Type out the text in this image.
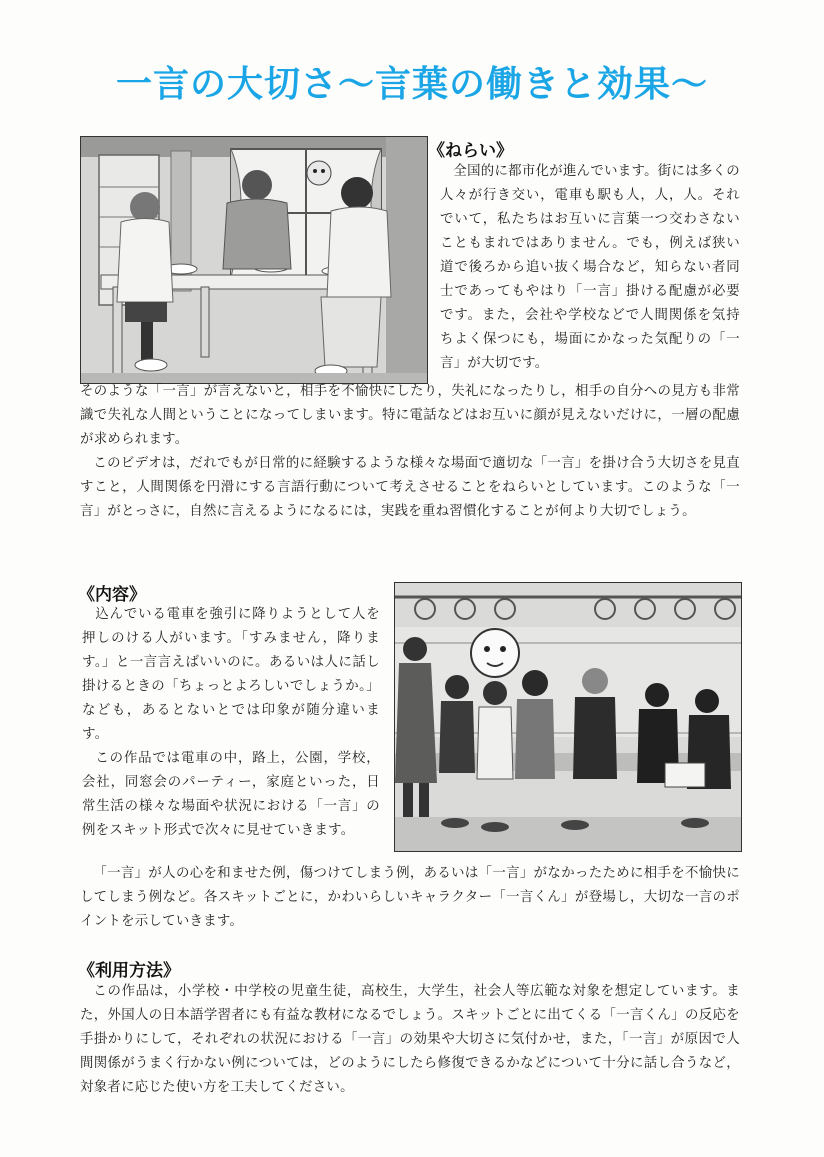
一言の大切さ～言葉の働きと効果～
《ねらい》

全国的に都市化が進んでいます。街には多くの人々が行き交い，電車も駅も人，人，人。それでいて，私たちはお互いに言葉一つ交わさないこともまれではありません。でも，例えば狭い道で後ろから追い抜く場合など，知らない者同士であってもやはり「一言」掛ける配慮が必要です。また，会社や学校などで人間関係を気持ちよく保つにも，場面にかなった気配りの「一言」が大切です。

そのような「一言」が言えないと，相手を不愉快にしたり，失礼になったりし，相手の自分への見方も非常識で失礼な人間ということになってしまいます。特に電話などはお互いに顔が見えないだけに，一層の配慮が求められます。

このビデオは，だれでもが日常的に経験するような様々な場面で適切な「一言」を掛け合う大切さを見直すこと，人間関係を円滑にする言語行動について考えさせることをねらいとしています。このような「一言」がとっさに，自然に言えるようになるには，実践を重ね習慣化することが何より大切でしょう。

《内容》

込んでいる電車を強引に降りようとして人を押しのける人がいます。「すみません，降ります。」と一言言えばいいのに。あるいは人に話し掛けるときの「ちょっとよろしいでしょうか。」なども，あるとないとでは印象が随分違います。

この作品では電車の中，路上，公園，学校，会社，同窓会のパーティー，家庭といった，日常生活の様々な場面や状況における「一言」の例をスキット形式で次々に見せていきます。

「一言」が人の心を和ませた例，傷つけてしまう例，あるいは「一言」がなかったために相手を不愉快にしてしまう例など。各スキットごとに，かわいらしいキャラクター「一言くん」が登場し，大切な一言のポイントを示していきます。

《利用方法》

この作品は，小学校・中学校の児童生徒，高校生，大学生，社会人等広範な対象を想定しています。また，外国人の日本語学習者にも有益な教材になるでしょう。スキットごとに出てくる「一言くん」の反応を手掛かりにして，それぞれの状況における「一言」の効果や大切さに気付かせ，また，「一言」が原因で人間関係がうまく行かない例については，どのようにしたら修復できるかなどについて十分に話し合うなど，対象者に応じた使い方を工夫してください。
